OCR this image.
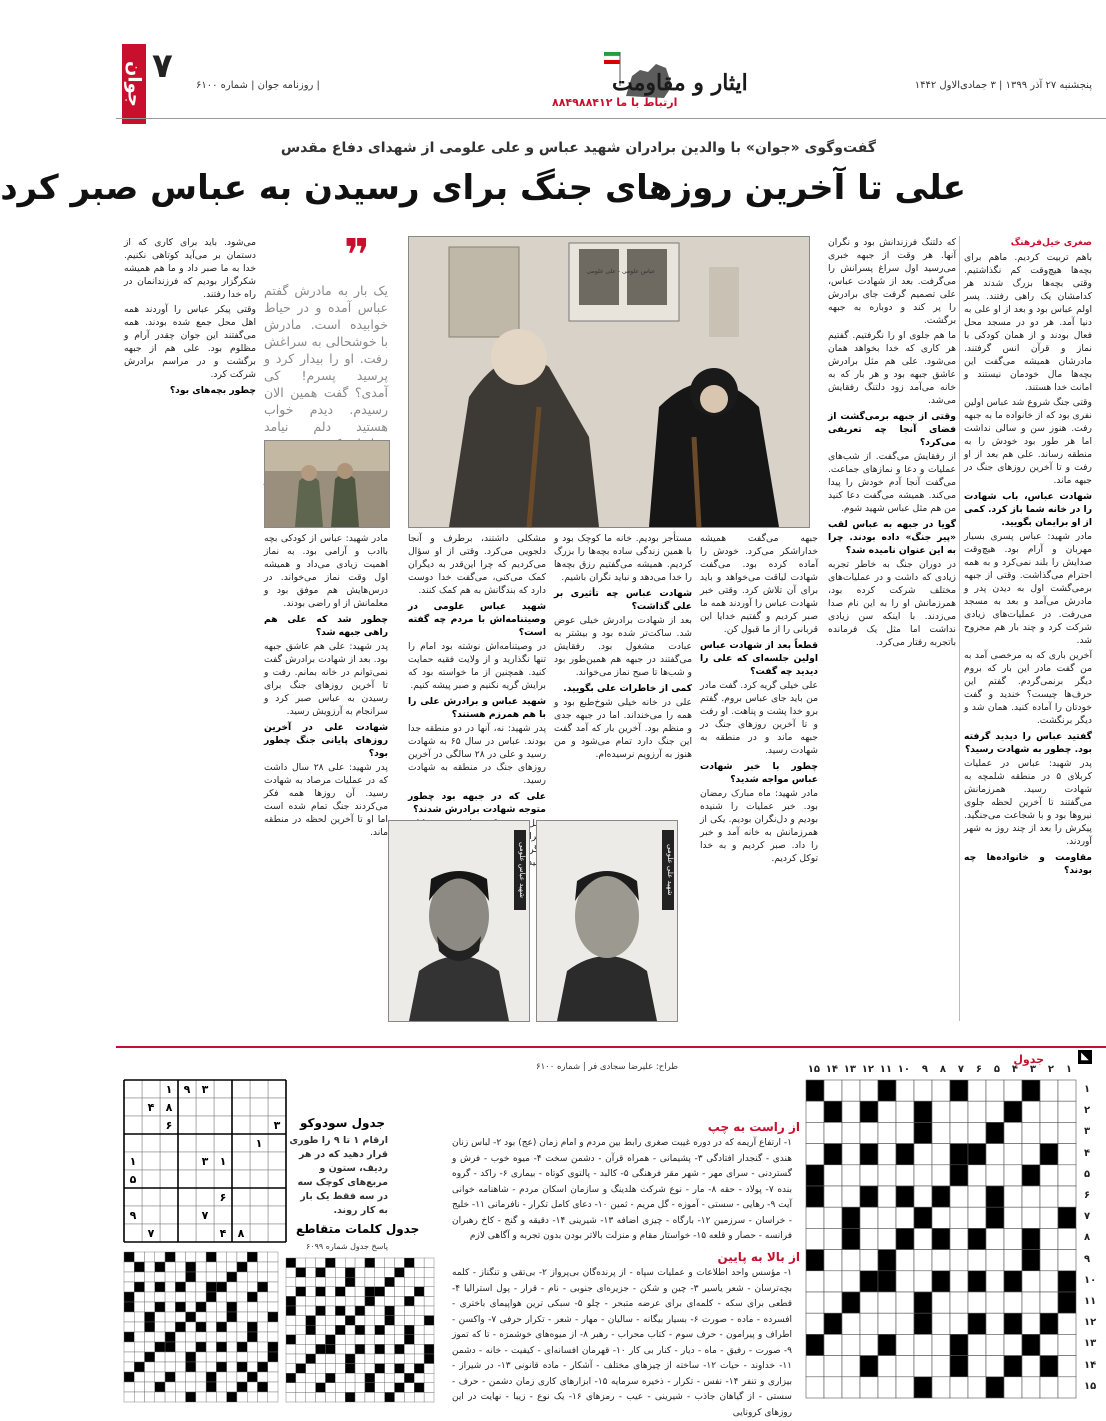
جوان ۷ | روزنامه جوان | شماره ۶۱۰۰	پنجشنبه ۲۷ آذر ۱۳۹۹ | ۳ جمادی‌الاول ۱۴۴۲
ایثار و مقاومت
ارتباط با ما ۸۸۴۹۸۸۴۱۲
گفت‌وگوی «جوان» با والدین برادران شهید عباس و علی علومی از شهدای دفاع مقدس
علی تا آخرین روزهای جنگ برای رسیدن به عباس صبر کرد

صغری خیل‌فرهنگ

باهم تربیت کردیم. ماهم برای بچه‌ها هیچ‌وقت کم نگذاشتیم. وقتی بچه‌ها بزرگ شدند هر کدامشان یک راهی رفتند. پسر اولم عباس بود و بعد از او علی به دنیا آمد. هر دو در مسجد محل فعال بودند و از همان کودکی با نماز و قرآن انس گرفتند. مادرشان همیشه می‌گفت این بچه‌ها مال خودمان نیستند و امانت خدا هستند.

وقتی جنگ شروع شد عباس اولین نفری بود که از خانواده ما به جبهه رفت. هنوز سن و سالی نداشت اما هر طور بود خودش را به منطقه رساند. علی هم بعد از او رفت و تا آخرین روزهای جنگ در جبهه ماند.

شهادت عباس، باب شهادت را در خانه شما باز کرد. کمی از او برایمان بگویید.

مادر شهید: عباس پسری بسیار مهربان و آرام بود. هیچ‌وقت صدایش را بلند نمی‌کرد و به همه احترام می‌گذاشت. وقتی از جبهه برمی‌گشت اول به دیدن پدر و مادرش می‌آمد و بعد به مسجد می‌رفت. در عملیات‌های زیادی شرکت کرد و چند بار هم مجروح شد.

آخرین باری که به مرخصی آمد به من گفت مادر این بار که بروم دیگر برنمی‌گردم. گفتم این حرف‌ها چیست؟ خندید و گفت خودتان را آماده کنید. همان شد و دیگر برنگشت.

گفتید عباس را دیدید گرفته بود. چطور به شهادت رسید؟

پدر شهید: عباس در عملیات کربلای ۵ در منطقه شلمچه به شهادت رسید. همرزمانش می‌گفتند تا آخرین لحظه جلوی نیروها بود و با شجاعت می‌جنگید. پیکرش را بعد از چند روز به شهر آوردند.

مقاومت و خانواده‌ها چه بودند؟

که دلتنگ فرزندانش بود و نگران آنها. هر وقت از جبهه خبری می‌رسید اول سراغ پسرانش را می‌گرفت. بعد از شهادت عباس، علی تصمیم گرفت جای برادرش را پر کند و دوباره به جبهه برگشت.

ما هم جلوی او را نگرفتیم. گفتیم هر کاری که خدا بخواهد همان می‌شود. علی هم مثل برادرش عاشق جبهه بود و هر بار که به خانه می‌آمد زود دلتنگ رفقایش می‌شد.

وقتی از جبهه برمی‌گشت از فضای آنجا چه تعریفی می‌کرد؟

از رفقایش می‌گفت. از شب‌های عملیات و دعا و نمازهای جماعت. می‌گفت آنجا آدم خودش را پیدا می‌کند. همیشه می‌گفت دعا کنید من هم مثل عباس شهید شوم.

گویا در جبهه به عباس لقب «پیر جنگ» داده بودند. چرا به این عنوان نامیده شد؟

در دوران جنگ به خاطر تجربه زیادی که داشت و در عملیات‌های مختلف شرکت کرده بود، همرزمانش او را به این نام صدا می‌زدند. با اینکه سن زیادی نداشت اما مثل یک فرمانده باتجربه رفتار می‌کرد.

عباس علومی - علی علومی

جبهه می‌گفت همیشه خداراشکر می‌کرد. خودش را آماده کرده بود. می‌گفت شهادت لیاقت می‌خواهد و باید برای آن تلاش کرد. وقتی خبر شهادت عباس را آوردند همه ما صبر کردیم و گفتیم خدایا این قربانی را از ما قبول کن.

قطعاً بعد از شهادت عباس اولین جلسه‌ای که علی را دیدید چه گفت؟

علی خیلی گریه کرد. گفت مادر من باید جای عباس بروم. گفتم برو خدا پشت و پناهت. او رفت و تا آخرین روزهای جنگ در جبهه ماند و در منطقه به شهادت رسید.

چطور با خبر شهادت عباس مواجه شدید؟

مادر شهید: ماه مبارک رمضان بود. خبر عملیات را شنیده بودیم و دل‌نگران بودیم. یکی از همرزمانش به خانه آمد و خبر را داد. صبر کردیم و به خدا توکل کردیم.

مستأجر بودیم. خانه ما کوچک بود و با همین زندگی ساده بچه‌ها را بزرگ کردیم. همیشه می‌گفتیم رزق بچه‌ها را خدا می‌دهد و نباید نگران باشیم.

شهادت عباس چه تأثیری بر علی گذاشت؟

بعد از شهادت برادرش خیلی عوض شد. ساکت‌تر شده بود و بیشتر به عبادت مشغول بود. رفقایش می‌گفتند در جبهه هم همین‌طور بود و شب‌ها تا صبح نماز می‌خواند.

کمی از خاطرات علی بگویید.

علی در خانه خیلی شوخ‌طبع بود و همه را می‌خنداند. اما در جبهه جدی و منظم بود. آخرین بار که آمد گفت این جنگ دارد تمام می‌شود و من هنوز به آرزویم نرسیده‌ام.

مشکلی داشتند، برطرف و آنجا دلجویی می‌کرد. وقتی از او سؤال می‌کردیم که چرا این‌قدر به دیگران کمک می‌کنی، می‌گفت خدا دوست دارد که بندگانش به هم کمک کنند.

شهید عباس علومی در وصیتنامه‌اش با مردم چه گفته است؟

در وصیتنامه‌اش نوشته بود امام را تنها نگذارید و از ولایت فقیه حمایت کنید. همچنین از ما خواسته بود که برایش گریه نکنیم و صبر پیشه کنیم.

شهید عباس و برادرش علی را با هم همرزم هستند؟

پدر شهید: نه، آنها در دو منطقه جدا بودند. عباس در سال ۶۵ به شهادت رسید و علی در ۲۸ سالگی در آخرین روزهای جنگ در منطقه به شهادت رسید.

علی که در جبهه بود چطور متوجه شهادت برادرش شدند؟

مهران دیگری	شهید علی علومی
شهید عباس علومی
❞
یک بار به مادرش گفتم عباس آمده و در حیاط خوابیده است. مادرش با خوشحالی به سراغش رفت. او را بیدار کرد و پرسید پسرم! کی آمدی؟ گفت همین الان رسیدم. دیدم خواب هستید دلم نیامد

مادر شهید: عباس از کودکی بچه باادب و آرامی بود. به نماز اهمیت زیادی می‌داد و همیشه اول وقت نماز می‌خواند. در درس‌هایش هم موفق بود و معلمانش از او راضی بودند.

چطور شد که علی هم راهی جبهه شد؟

پدر شهید: علی هم عاشق جبهه بود. بعد از شهادت برادرش گفت نمی‌توانم در خانه بمانم. رفت و تا آخرین روزهای جنگ برای رسیدن به عباس صبر کرد و سرانجام به آرزویش رسید.

شهادت علی در آخرین روزهای پایانی جنگ چطور بود؟

پدر شهید: علی ۲۸ سال داشت که در عملیات مرصاد به شهادت رسید. آن روزها همه فکر می‌کردند جنگ تمام شده است اما او تا آخرین لحظه در منطقه ماند.

می‌شود. باید برای کاری که از دستمان بر می‌آید کوتاهی نکنیم. خدا به ما صبر داد و ما هم همیشه شکرگزار بودیم که فرزندانمان در راه خدا رفتند.

وقتی پیکر عباس را آوردند همه اهل محل جمع شده بودند. همه می‌گفتند این جوان چقدر آرام و مظلوم بود. علی هم از جبهه برگشت و در مراسم برادرش شرکت کرد.

چطور بچه‌های بود؟

◣
جدول
۱
۲
۳
۴
۵
۶
۷
۸
۹
۱۰
۱۱
۱۲
۱۳
۱۴
۱۵
۱
۲
۳
۴
۵
۶
۷
۸
۹
۱۰
۱۱
۱۲
۱۳
۱۴
۱۵
طراح: علیرضا سجادی فر | شماره ۶۱۰۰
از راست به چپ
۱- ارتفاع آریمه که در دوره غیبت صغری رابط بین مردم و امام زمان (عج) بود ۲- لباس زنان هندی - گنجدار افتادگی ۳- پشیمانی - همراه قرآن - دشمن سخت ۴- میوه خوب - فرش و گستردنی - سرای مهر - شهر مقر فرهنگی ۵- کالبد - پالتوی کوتاه - بیماری ۶- راکد - گروه بنده ۷- پولاد - حقه ۸- مار - نوع شرکت هلدینگ و سازمان اسکان مردم - شاهنامه خوانی آیت ۹- رهایی - سستی - آموزه - گل مریم - ثمین ۱۰- دعای کامل تکرار - نافرمانی ۱۱- خلیج - خراسان - سرزمین ۱۲- بارگاه - چیزی اضافه ۱۳- شیرینی ۱۴- دقیقه و گنج - کاخ رهبران فرانسه - حصار و قلعه ۱۵- خواستار مقام و منزلت بالاتر بودن بدون تجربه و آگاهی لازم
از بالا به پایین
۱- مؤسس واحد اطلاعات و عملیات سپاه - از پرنده‌گان بی‌پرواز ۲- بی‌تقی و تنگناز - کلمه بچه‌ترسان - شعر یاسیر ۳- چین و شکن - جزیره‌ای جنوبی - نام - قرار - پول استرالیا ۴- قطعی برای سکه - کلمه‌ای برای عرضه متبحر - چلو ۵- سبکی ترین هواپیمای باختری - افسرده - ماده - صورت ۶- بسیار بیگانه - سالیان - مهار - شعر - تکرار حرفی ۷- واکسن - اطراف و پیرامون - حرف سوم - کتاب محراب - رهبر ۸- از میوه‌های خوشمزه - تا که تموز ۹- صورت - رفیق - ماه - دیار - کنار بی کار ۱۰- قهرمان افسانه‌ای - کیفیت - خانه - دشمن ۱۱- خداوند - حیات ۱۲- ساخته از چیزهای مختلف - آشکار - ماده قانونی ۱۳- در شیراز - بیزاری و تنفر ۱۴- نفس - تکرار - ذخیره سرمایه ۱۵- ابزارهای کاری زمان دشمن - حرف - سستی - از گیاهان جاذب - شیرینی - عیب - رمزهای ۱۶- یک نوع - زیبا - نهایت در این روزهای کرونایی
جدول سودوکو
ارقام ۱ تا ۹ را طوری قرار دهید که در هر ردیف، ستون و مربع‌های کوچک سه در سه فقط یک بار به کار روند.
۳
۹
۱
۸
۴
۳
۶
۱
۱
۳
۱
۵
۶
۷
۹
۸
۴
۷	جدول کلمات متقاطع
پاسخ جدول شماره ۶۰۹۹
